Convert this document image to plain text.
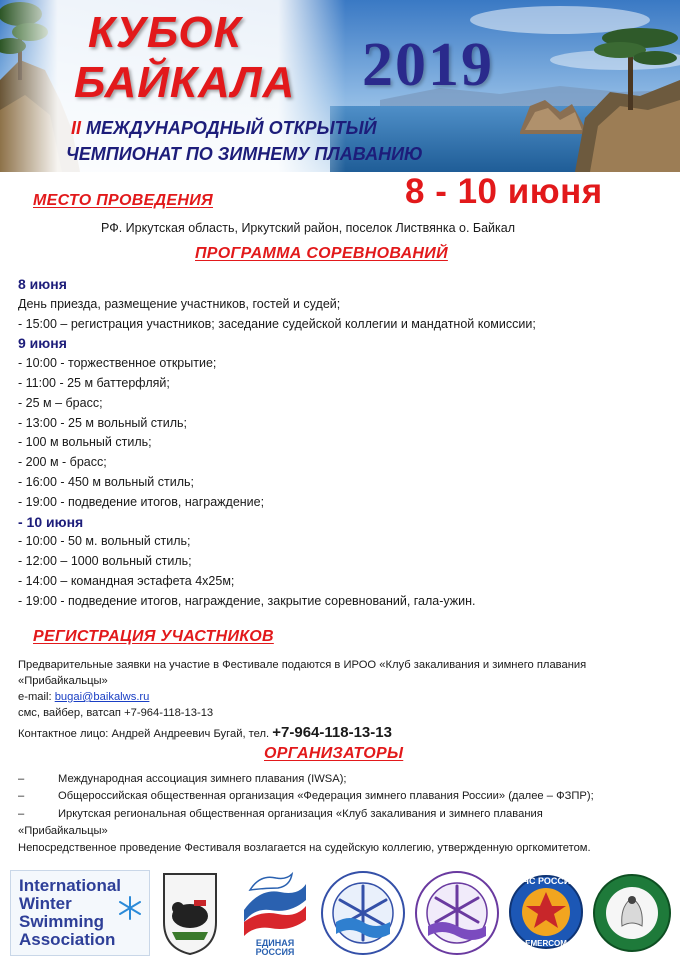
КУБОК
БАЙКАЛА 2019
II МЕЖДУНАРОДНЫЙ ОТКРЫТЫЙ
ЧЕМПИОНАТ ПО ЗИМНЕМУ ПЛАВАНИЮ
МЕСТО ПРОВЕДЕНИЯ	8 - 10 июня
РФ. Иркутская область, Иркутский район, поселок Листвянка о. Байкал
ПРОГРАММА СОРЕВНОВАНИЙ
8 июня
День приезда, размещение участников, гостей и судей;
- 15:00 – регистрация участников; заседание судейской коллегии и мандатной комиссии;
9 июня
- 10:00 - торжественное открытие;
- 11:00 - 25 м баттерфляй;
- 25 м – брасс;
- 13:00 - 25 м вольный стиль;
- 100 м вольный стиль;
- 200 м - брасс;
- 16:00 - 450 м вольный стиль;
- 19:00 - подведение итогов, награждение;
- 10 июня
- 10:00 - 50 м. вольный стиль;
- 12:00 – 1000 вольный стиль;
- 14:00 – командная эстафета 4х25м;
- 19:00 - подведение итогов, награждение, закрытие соревнований, гала-ужин.
РЕГИСТРАЦИЯ УЧАСТНИКОВ
Предварительные заявки на участие в Фестивале подаются в ИРОО «Клуб закаливания и зимнего плавания
«Прибайкальцы»
e-mail: bugai@baikalws.ru
смс, вайбер, ватсап +7-964-118-13-13
Контактное лицо: Андрей Андреевич Бугай, тел. +7-964-118-13-13
ОРГАНИЗАТОРЫ
–	Международная ассоциация зимнего плавания (IWSA);
–	Общероссийская общественная организация «Федерация зимнего плавания России» (далее – ФЗПР);
–	Иркутская региональная общественная организация «Клуб закаливания и зимнего плавания
«Прибайкальцы»
Непосредственное проведение Фестиваля возлагается на судейскую коллегию, утвержденную оргкомитетом.
International
Winter
Swimming
Association	ЕДИНАЯ
РОССИЯ
МЧС РОССИИ
EMERCOM
